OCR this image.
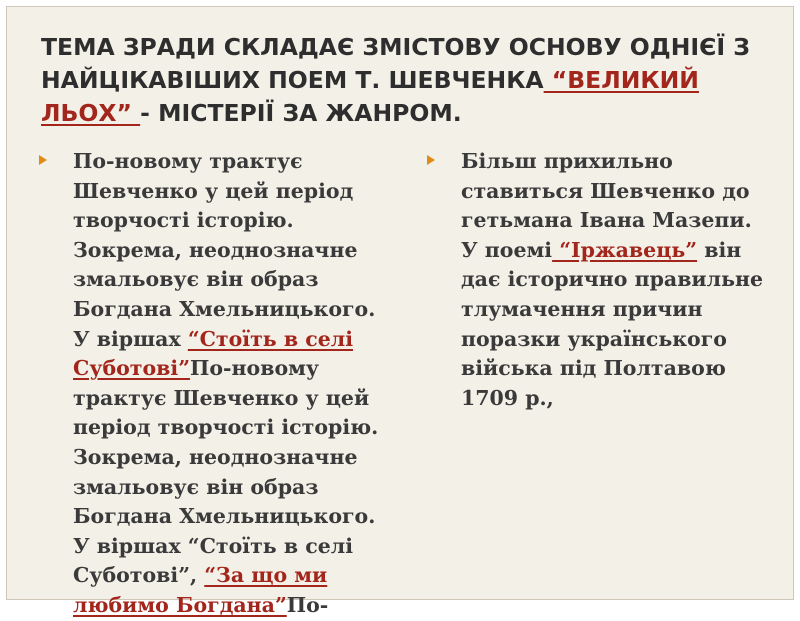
ТЕМА ЗРАДИ СКЛАДАЄ ЗМІСТОВУ ОСНОВУ ОДНІЄЇ З НАЙЦІКАВІШИХ ПОЕМ Т. ШЕВЧЕНКА “ВЕЛИКИЙ ЛЬОХ” - МІСТЕРІЇ ЗА ЖАНРОМ.
По-новому трактує Шевченко у цей період творчості історію. Зокрема, неоднозначне змальовує він образ Богдана Хмельницького. У віршах “Стоїть в селі Суботові”По-новому трактує Шевченко у цей період творчості історію. Зокрема, неоднозначне змальовує він образ Богдана Хмельницького. У віршах “Стоїть в селі Суботові”, “За що ми любимо Богдана”По-
Більш прихильно ставиться Шевченко до гетьмана Івана Мазепи. У поемі “Іржавець” він дає історично правильне тлумачення причин поразки українського війська під Полтавою 1709 р.,
